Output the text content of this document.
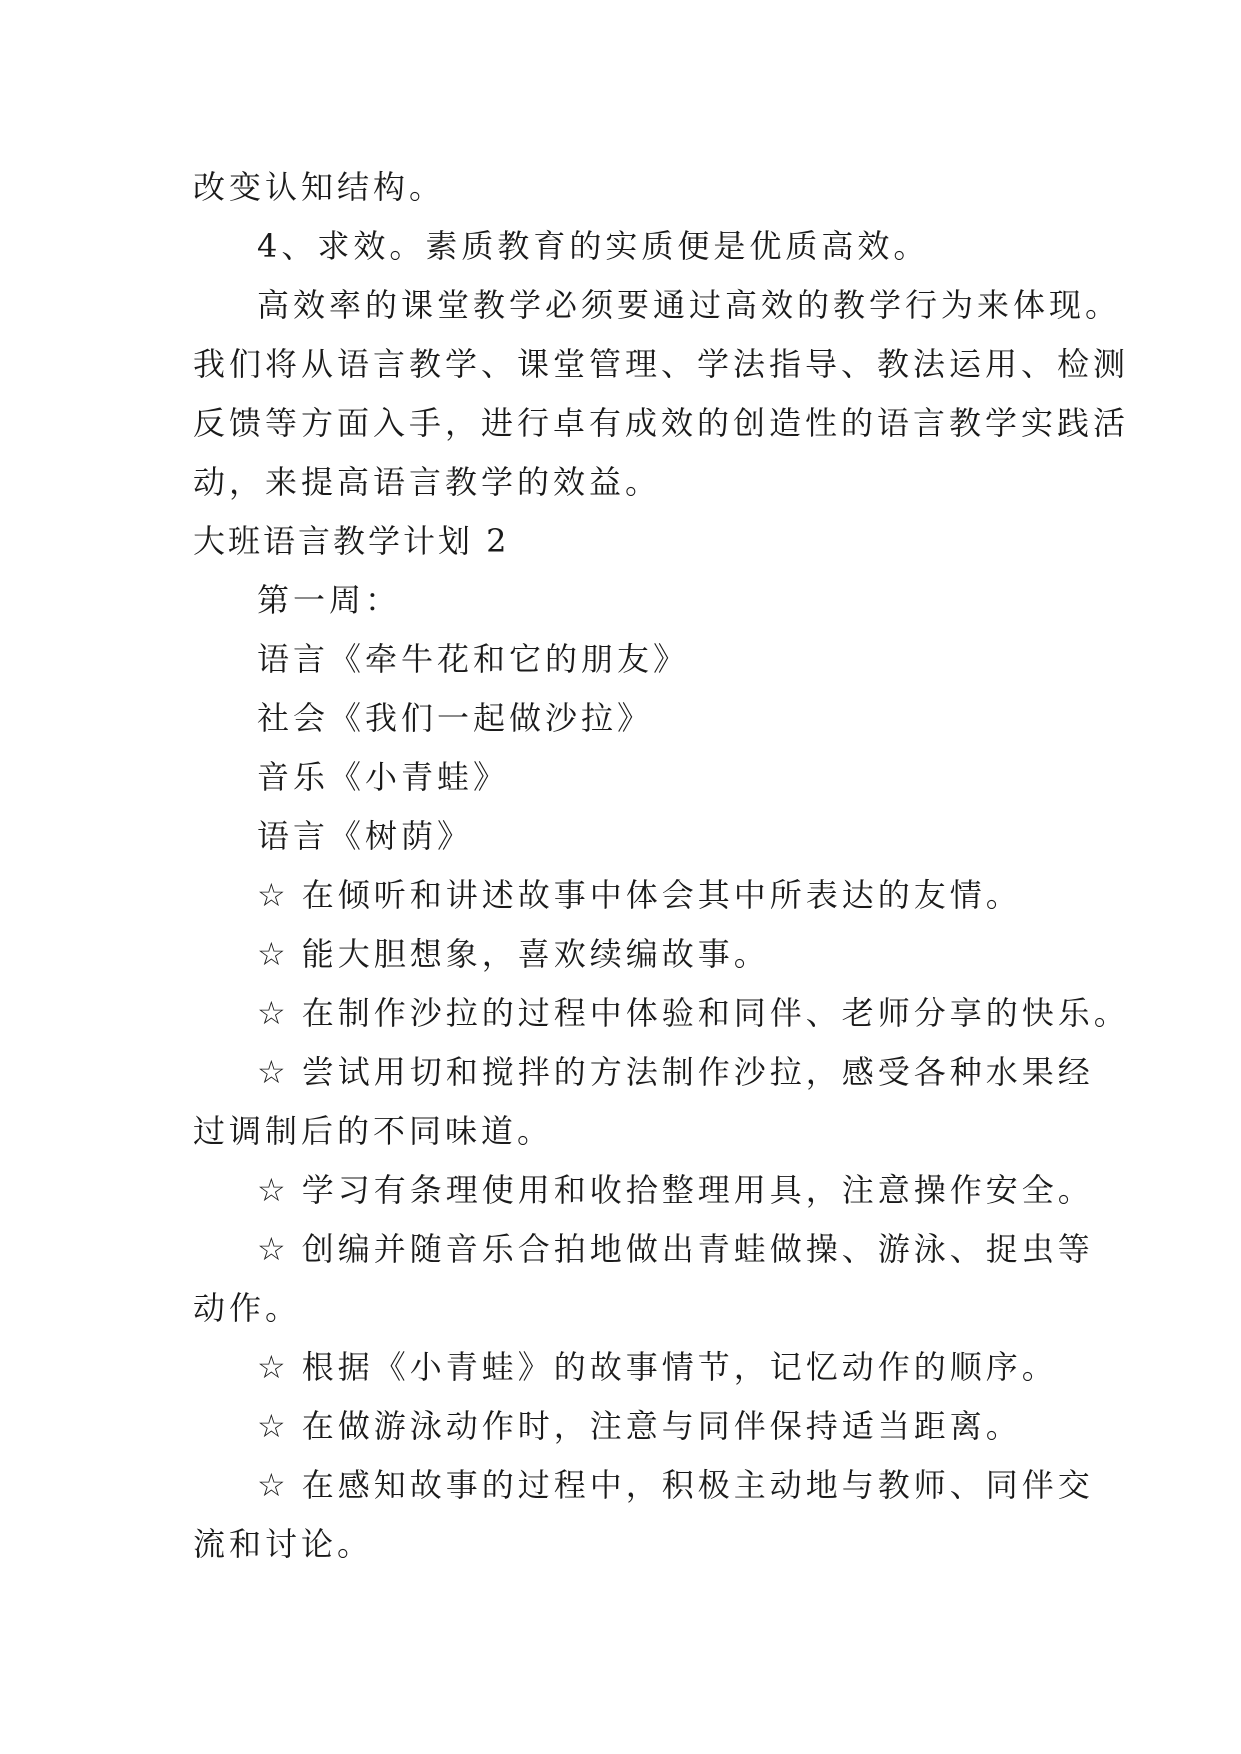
改变认知结构。
4、求效。素质教育的实质便是优质高效。
高效率的课堂教学必须要通过高效的教学行为来体现。
我们将从语言教学、课堂管理、学法指导、教法运用、检测
反馈等方面入手，进行卓有成效的创造性的语言教学实践活
动，来提高语言教学的效益。
大班语言教学计划 2
第一周：
语言《牵牛花和它的朋友》
社会《我们一起做沙拉》
音乐《小青蛙》
语言《树荫》
☆ 在倾听和讲述故事中体会其中所表达的友情。
☆ 能大胆想象，喜欢续编故事。
☆ 在制作沙拉的过程中体验和同伴、老师分享的快乐。
☆ 尝试用切和搅拌的方法制作沙拉，感受各种水果经
过调制后的不同味道。
☆ 学习有条理使用和收拾整理用具，注意操作安全。
☆ 创编并随音乐合拍地做出青蛙做操、游泳、捉虫等
动作。
☆ 根据《小青蛙》的故事情节，记忆动作的顺序。
☆ 在做游泳动作时，注意与同伴保持适当距离。
☆ 在感知故事的过程中，积极主动地与教师、同伴交
流和讨论。
